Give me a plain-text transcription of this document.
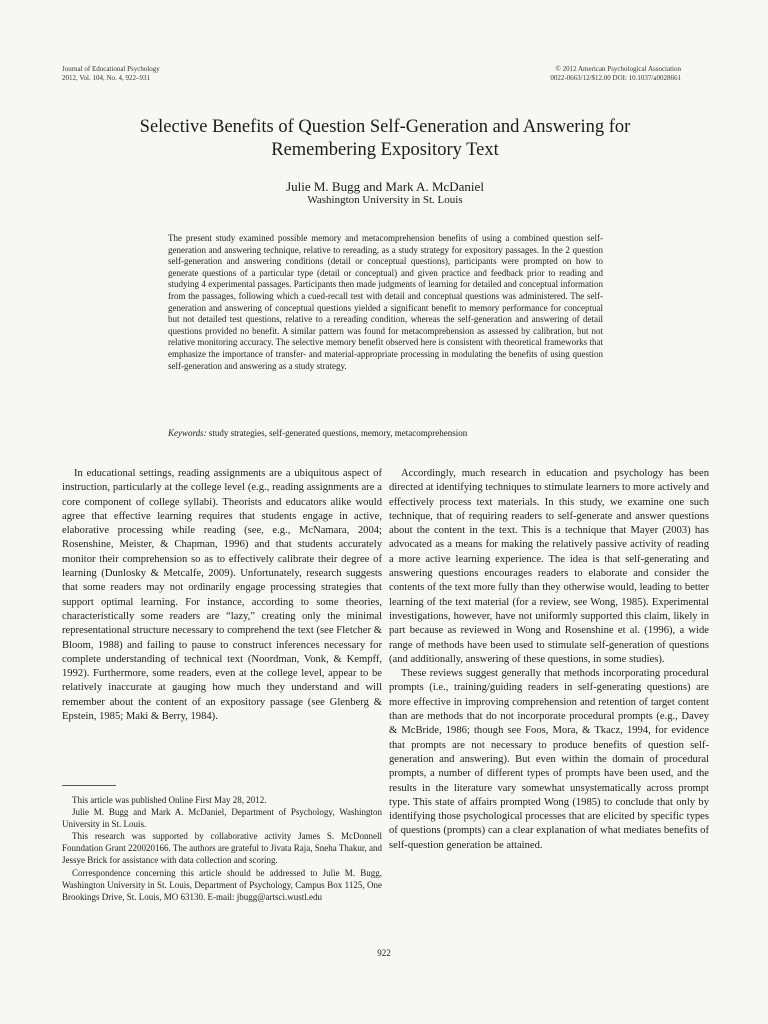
Journal of Educational Psychology
2012, Vol. 104, No. 4, 922–931
© 2012 American Psychological Association
0022-0663/12/$12.00 DOI: 10.1037/a0028661
Selective Benefits of Question Self-Generation and Answering for
Remembering Expository Text
Julie M. Bugg and Mark A. McDaniel
Washington University in St. Louis

The present study examined possible memory and metacomprehension benefits of using a combined question self-generation and answering technique, relative to rereading, as a study strategy for expository passages. In the 2 question self-generation and answering conditions (detail or conceptual questions), participants were prompted on how to generate questions of a particular type (detail or conceptual) and given practice and feedback prior to reading and studying 4 experimental passages. Participants then made judgments of learning for detailed and conceptual information from the passages, following which a cued-recall test with detail and conceptual questions was administered. The self-generation and answering of conceptual questions yielded a significant benefit to memory performance for conceptual but not detailed test questions, relative to a rereading condition, whereas the self-generation and answering of detail questions provided no benefit. A similar pattern was found for metacomprehension as assessed by calibration, but not relative monitoring accuracy. The selective memory benefit observed here is consistent with theoretical frameworks that emphasize the importance of transfer- and material-appropriate processing in modulating the benefits of using question self-generation and answering as a study strategy.

Keywords: study strategies, self-generated questions, memory, metacomprehension

In educational settings, reading assignments are a ubiquitous aspect of instruction, particularly at the college level (e.g., reading assignments are a core component of college syllabi). Theorists and educators alike would agree that effective learning requires that students engage in active, elaborative processing while reading (see, e.g., McNamara, 2004; Rosenshine, Meister, & Chapman, 1996) and that students accurately monitor their comprehension so as to effectively calibrate their degree of learning (Dunlosky & Metcalfe, 2009). Unfortunately, research suggests that some readers may not ordinarily engage processing strategies that support optimal learning. For instance, according to some theories, characteristically some readers are “lazy,” creating only the minimal representational structure necessary to comprehend the text (see Fletcher & Bloom, 1988) and failing to pause to construct inferences necessary for complete understanding of technical text (Noordman, Vonk, & Kempff, 1992). Furthermore, some readers, even at the college level, appear to be relatively inaccurate at gauging how much they understand and will remember about the content of an expository passage (see Glenberg & Epstein, 1985; Maki & Berry, 1984).

This article was published Online First May 28, 2012.

Julie M. Bugg and Mark A. McDaniel, Department of Psychology, Washington University in St. Louis.

This research was supported by collaborative activity James S. McDonnell Foundation Grant 220020166. The authors are grateful to Jivata Raja, Sneha Thakur, and Jessye Brick for assistance with data collection and scoring.

Correspondence concerning this article should be addressed to Julie M. Bugg, Washington University in St. Louis, Department of Psychology, Campus Box 1125, One Brookings Drive, St. Louis, MO 63130. E-mail: jbugg@artsci.wustl.edu

Accordingly, much research in education and psychology has been directed at identifying techniques to stimulate learners to more actively and effectively process text materials. In this study, we examine one such technique, that of requiring readers to self-generate and answer questions about the content in the text. This is a technique that Mayer (2003) has advocated as a means for making the relatively passive activity of reading a more active learning experience. The idea is that self-generating and answering questions encourages readers to elaborate and consider the contents of the text more fully than they otherwise would, leading to better learning of the text material (for a review, see Wong, 1985). Experimental investigations, however, have not uniformly supported this claim, likely in part because as reviewed in Wong and Rosenshine et al. (1996), a wide range of methods have been used to stimulate self-generation of questions (and additionally, answering of these questions, in some studies).

These reviews suggest generally that methods incorporating procedural prompts (i.e., training/guiding readers in self-generating questions) are more effective in improving comprehension and retention of target content than are methods that do not incorporate procedural prompts (e.g., Davey & McBride, 1986; though see Foos, Mora, & Tkacz, 1994, for evidence that prompts are not necessary to produce benefits of question self-generation and answering). But even within the domain of procedural prompts, a number of different types of prompts have been used, and the results in the literature vary somewhat unsystematically across prompt type. This state of affairs prompted Wong (1985) to conclude that only by identifying those psychological processes that are elicited by specific types of questions (prompts) can a clear explanation of what mediates benefits of self-question generation be attained.

922
